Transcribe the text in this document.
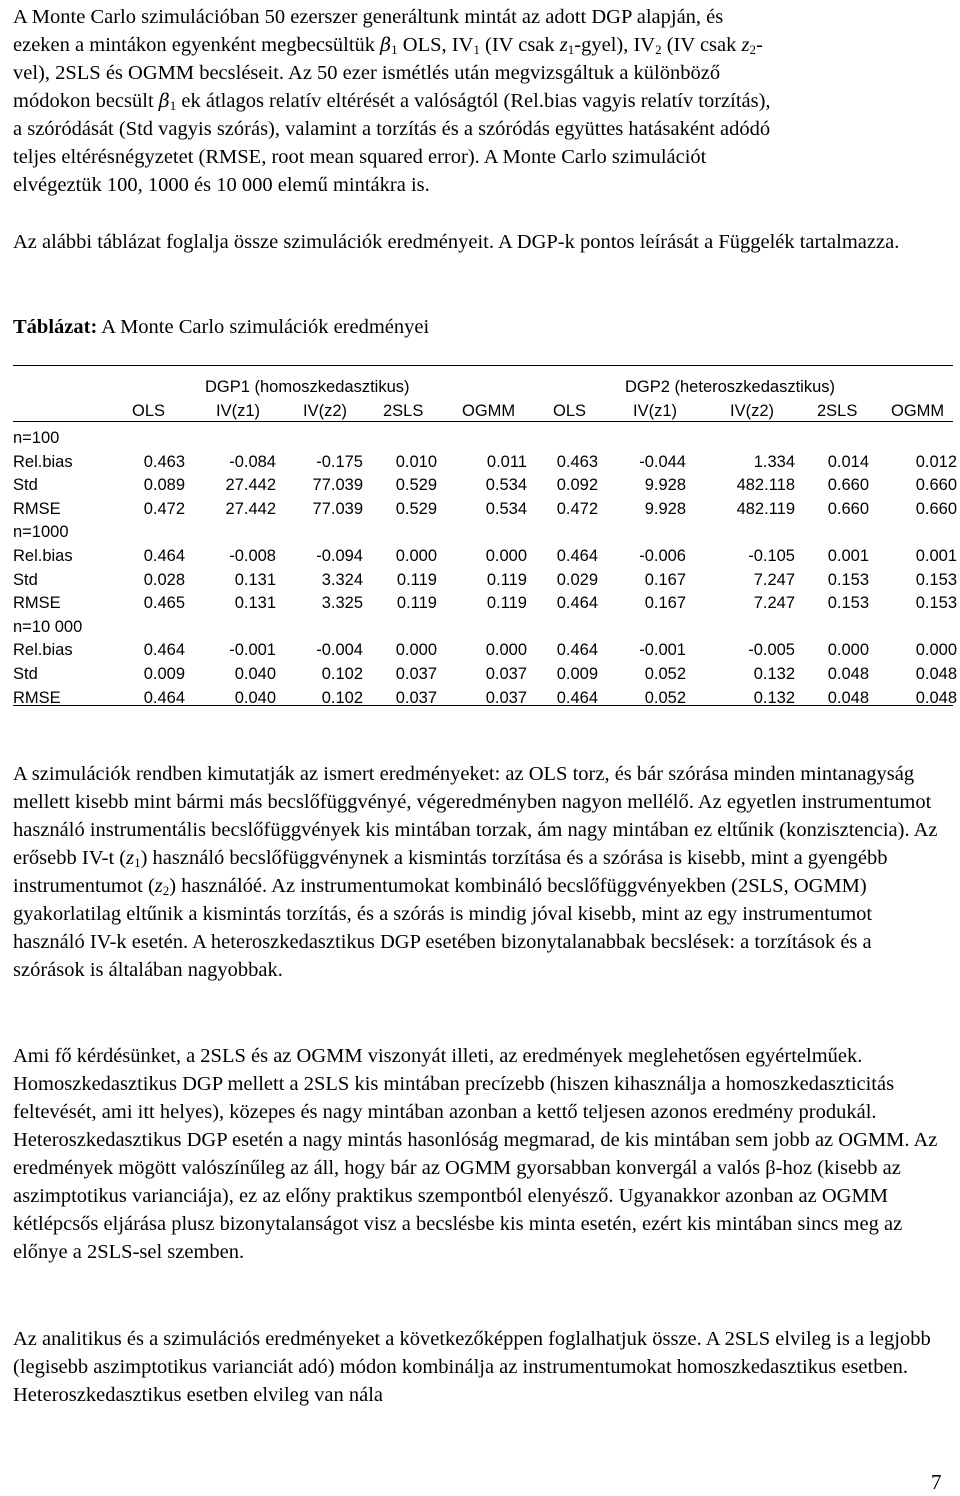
A Monte Carlo szimulációban 50 ezerszer generáltunk mintát az adott DGP alapján, és

ezeken a mintákon egyenként megbecsültük $\beta_1$ OLS, $IV_1$ (IV csak $z_1-gyel$), $IV_2$ (IV csak $z_2-$

vel), 2SLS és OGMM becsléseit. Az 50 ezer ismétlés után megvizsgáltuk a különböző

módokon becsült $\beta_1$ ek átlagos relatív eltérését a valóságtól (Rel.bias vagyis relatív torzítás),

a szóródását (Std vagyis szórás), valamint a torzítás és a szóródás együttes hatásaként adódó

teljes eltérésnégyzetet (RMSE, root mean squared error). A Monte Carlo szimulációt

elvégeztük 100, 1000 és 10 000 elemű mintákra is.

Az alábbi táblázat foglalja össze szimulációk eredményeit. A DGP-k pontos leírását a Függelék tartalmazza.

Táblázat: A Monte Carlo szimulációk eredményei

DGP1 (homoszkedasztikus)	DGP2 (heteroszkedasztikus)
OLS	IV(z1)	IV(z2) 2SLS OGMM OLS	IV(z1)	IV(z2)	2SLS OGMM
n=100
Rel.bias	0.463	-0.084 -0.175 0.010	0.011 0.463 -0.044	1.334 0.014	0.012
Std	0.089 27.442 77.039 0.529	0.534 0.092	9.928	482.118 0.660	0.660
RMSE	0.472 27.442 77.039 0.529	0.534 0.472	9.928	482.119 0.660	0.660
n=1000
Rel.bias	0.464	-0.008 -0.094 0.000	0.000 0.464 -0.006	-0.105 0.001	0.001
Std	0.028	0.131	3.324 0.119	0.119 0.029	0.167	7.247 0.153	0.153
RMSE	0.465	0.131	3.325 0.119	0.119 0.464	0.167	7.247 0.153	0.153
n=10 000
Rel.bias	0.464	-0.001 -0.004 0.000	0.000 0.464 -0.001	-0.005 0.000	0.000
Std	0.009	0.040	0.102 0.037	0.037 0.009	0.052	0.132 0.048	0.048
RMSE	0.464	0.040	0.102 0.037	0.037 0.464	0.052	0.132 0.048	0.048

A szimulációk rendben kimutatják az ismert eredményeket: az OLS torz, és bár szórása minden mintanagyság mellett kisebb mint bármi más becslőfüggvényé, végeredményben nagyon mellélő. Az egyetlen instrumentumot használó instrumentális becslőfüggvények kis mintában torzak, ám nagy mintában ez eltűnik (konzisztencia). Az erősebb IV-t $(z_1)$ használó becslőfüggvénynek a kismintás torzítása és a szórása is kisebb, mint a gyengébb instrumentumot $(z_2)$ használóé. Az instrumentumokat kombináló becslőfüggvényekben (2SLS, OGMM) gyakorlatilag eltűnik a kismintás torzítás, és a szórás is mindig jóval kisebb, mint az egy instrumentumot használó IV-k esetén. A heteroszkedasztikus DGP esetében bizonytalanabbak becslések: a torzítások és a szórások is általában nagyobbak.

Ami fő kérdésünket, a 2SLS és az OGMM viszonyát illeti, az eredmények meglehetősen egyértelműek. Homoszkedasztikus DGP mellett a 2SLS kis mintában precízebb (hiszen kihasználja a homoszkedaszticitás feltevését, ami itt helyes), közepes és nagy mintában azonban a kettő teljesen azonos eredmény produkál. Heteroszkedasztikus DGP esetén a nagy mintás hasonlóság megmarad, de kis mintában sem jobb az OGMM. Az eredmények mögött valószínűleg az áll, hogy bár az OGMM gyorsabban konvergál a valós β-hoz (kisebb az aszimptotikus varianciája), ez az előny praktikus szempontból elenyésző. Ugyanakkor azonban az OGMM kétlépcsős eljárása plusz bizonytalanságot visz a becslésbe kis minta esetén, ezért kis mintában sincs meg az előnye a 2SLS-sel szemben.

Az analitikus és a szimulációs eredményeket a következőképpen foglalhatjuk össze. A 2SLS elvileg is a legjobb (legisebb aszimptotikus varianciát adó) módon kombinálja az instrumentumokat homoszkedasztikus esetben. Heteroszkedasztikus esetben elvileg van nála

7
